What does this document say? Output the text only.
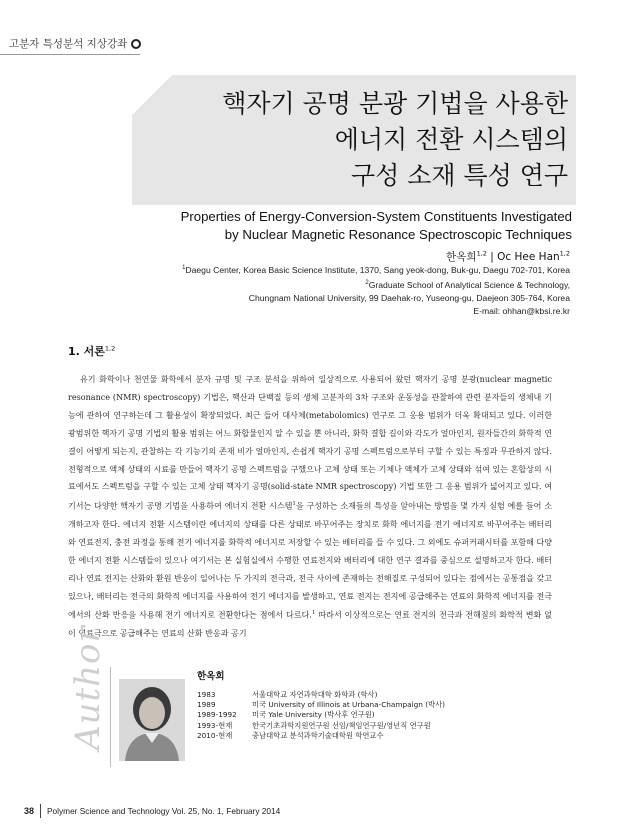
고분자 특성분석 지상강좌
핵자기 공명 분광 기법을 사용한
에너지 전환 시스템의
구성 소재 특성 연구
Properties of Energy-Conversion-System Constituents Investigated
by Nuclear Magnetic Resonance Spectroscopic Techniques
한옥희$^{1,2}$ | Oc Hee Han$^{1,2}$
$^1$Daegu Center, Korea Basic Science Institute, 1370, Sang yeok-dong, Buk-gu, Daegu 702-701, Korea
$^2$Graduate School of Analytical Science & Technology,
Chungnam National University, 99 Daehak-ro, Yuseong-gu, Daejeon 305-764, Korea
E-mail: ohhan@kbsi.re.kr
1. 서론$^{1,2}$

유기 화학이나 천연물 화학에서 분자 규명 및 구조 분석을 위하여 일상적으로 사용되어 왔던 핵자기 공명 분광(nuclear magnetic resonance (NMR) spectroscopy) 기법은, 핵산과 단백질 등의 생체 고분자의 3차 구조와 운동성을 관찰하여 관련 분자들의 생체내 기능에 관하여 연구하는데 그 활용성이 확장되었다. 최근 들어 대사체(metabolomics) 연구로 그 응용 범위가 더욱 확대되고 있다. 이러한 광범위한 핵자기 공명 기법의 활용 범위는 어느 화합물인지 알 수 있을 뿐 아니라, 화학 결합 길이와 각도가 얼마인지, 원자들간의 화학적 연결이 어떻게 되는지, 관찰하는 각 기능기의 존재 비가 얼마인지, 손쉽게 핵자기 공명 스펙트럼으로부터 구할 수 있는 특징과 무관하지 않다. 전형적으로 액체 상태의 시료를 만들어 핵자기 공명 스펙트럼을 구했으나 고체 상태 또는 기체나 액체가 고체 상태와 섞여 있는 혼합상의 시료에서도 스펙트럼을 구할 수 있는 고체 상태 핵자기 공명(solid-state NMR spectroscopy) 기법 또한 그 응용 범위가 넓어지고 있다. 여기서는 다양한 핵자기 공명 기법을 사용하여 에너지 전환 시스템$^1$을 구성하는 소재들의 특성을 알아내는 방법을 몇 가지 실험 예를 들어 소개하고자 한다. 에너지 전환 시스템이란 에너지의 상태를 다른 상태로 바꾸어주는 장치로 화학 에너지를 전기 에너지로 바꾸어주는 배터리와 연료전지, 충전 과정을 통해 전기 에너지를 화학적 에너지로 저장할 수 있는 배터리를 들 수 있다. 그 외에도 슈퍼커패시터를 포함해 다양한 에너지 전환 시스템들이 있으나 여기서는 본 실험실에서 수행한 연료전지와 배터리에 대한 연구 결과를 중심으로 설명하고자 한다. 배터리나 연료 전지는 산화와 환원 반응이 일어나는 두 가지의 전극과, 전극 사이에 존재하는 전해질로 구성되어 있다는 점에서는 공통점을 갖고 있으나, 배터리는 전극의 화학적 에너지를 사용하여 전기 에너지를 발생하고, 연료 전지는 전지에 공급해주는 연료의 화학적 에너지를 전극에서의 산화 반응을 사용해 전기 에너지로 전환한다는 점에서 다르다.$^1$ 따라서 이상적으로는 연료 전지의 전극과 전해질의 화학적 변화 없이 연료극으로 공급해주는 연료의 산화 반응과 공기

Author	한옥희
1983	서울대학교 자연과학대학 화학과 (학사)
1989	미국 University of Illinois at Urbana-Champaign (박사)
1989-1992	미국 Yale University (박사후 연구원)
1993-현재	한국기초과학지원연구원 선임/책임연구원/영년직 연구원
2010-현재	충남대학교 분석과학기술대학원 학연교수
38 Polymer Science and Technology Vol. 25, No. 1, February 2014
